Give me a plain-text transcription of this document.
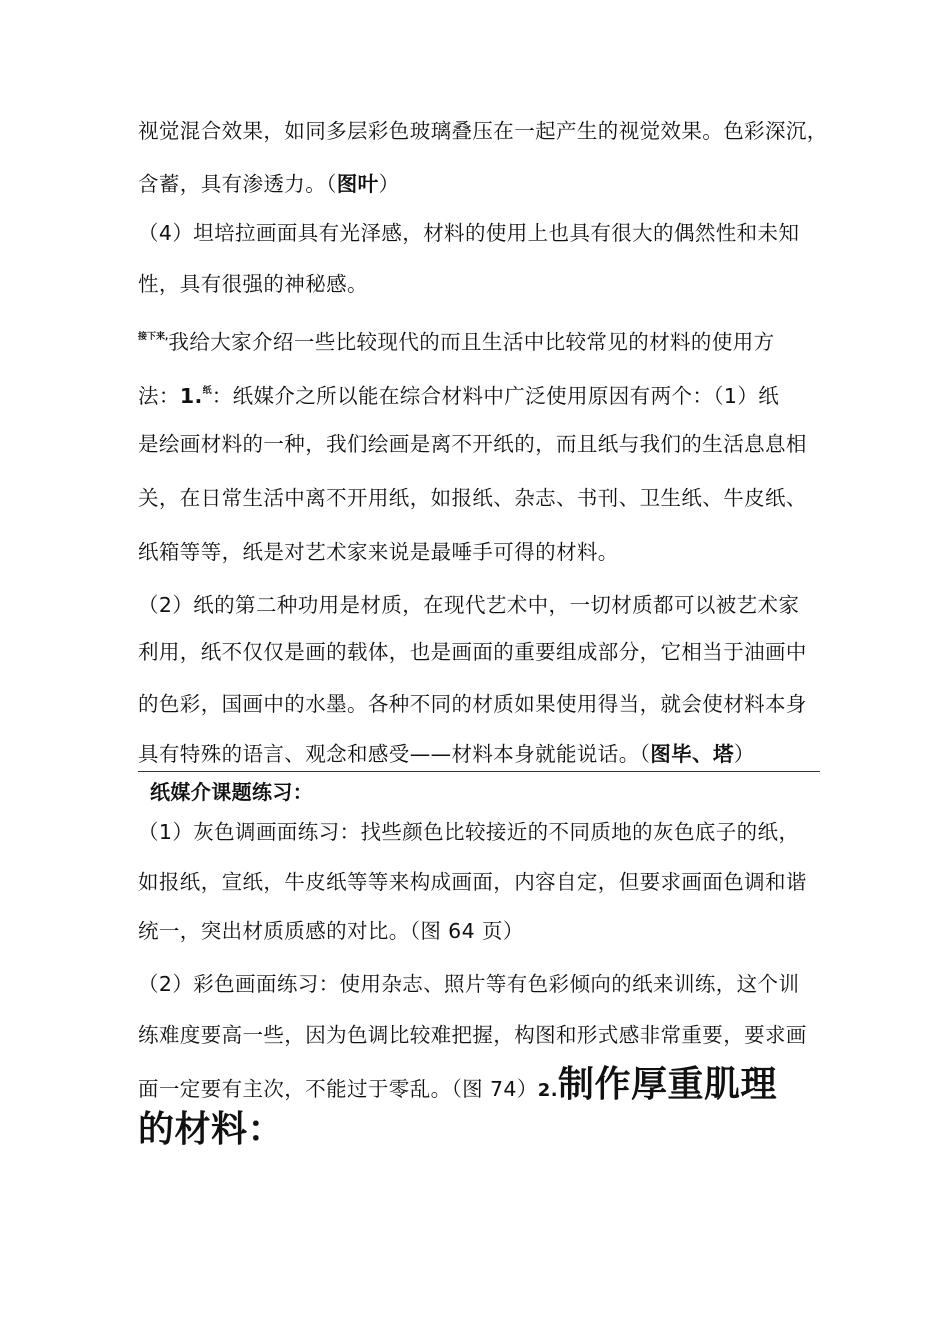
视觉混合效果，如同多层彩色玻璃叠压在一起产生的视觉效果。色彩深沉，
含蓄，具有渗透力。（图叶）
（4）坦培拉画面具有光泽感，材料的使用上也具有很大的偶然性和未知
性，具有很强的神秘感。
$^{接下来,}$我给大家介绍一些比较现代的而且生活中比较常见的材料的使用方
法：1.$^纸$：纸媒介之所以能在综合材料中广泛使用原因有两个：（1）纸
是绘画材料的一种，我们绘画是离不开纸的，而且纸与我们的生活息息相
关，在日常生活中离不开用纸，如报纸、杂志、书刊、卫生纸、牛皮纸、
纸箱等等，纸是对艺术家来说是最唾手可得的材料。
（2）纸的第二种功用是材质，在现代艺术中，一切材质都可以被艺术家
利用，纸不仅仅是画的载体，也是画面的重要组成部分，它相当于油画中
的色彩，国画中的水墨。各种不同的材质如果使用得当，就会使材料本身
具有特殊的语言、观念和感受——材料本身就能说话。（图毕、塔）
纸媒介课题练习：
（1）灰色调画面练习：找些颜色比较接近的不同质地的灰色底子的纸，
如报纸，宣纸，牛皮纸等等来构成画面，内容自定，但要求画面色调和谐
统一，突出材质质感的对比。（图 64 页）
（2）彩色画面练习：使用杂志、照片等有色彩倾向的纸来训练，这个训
练难度要高一些，因为色调比较难把握，构图和形式感非常重要，要求画
面一定要有主次，不能过于零乱。（图 74）2.制作厚重肌理
的材料：
